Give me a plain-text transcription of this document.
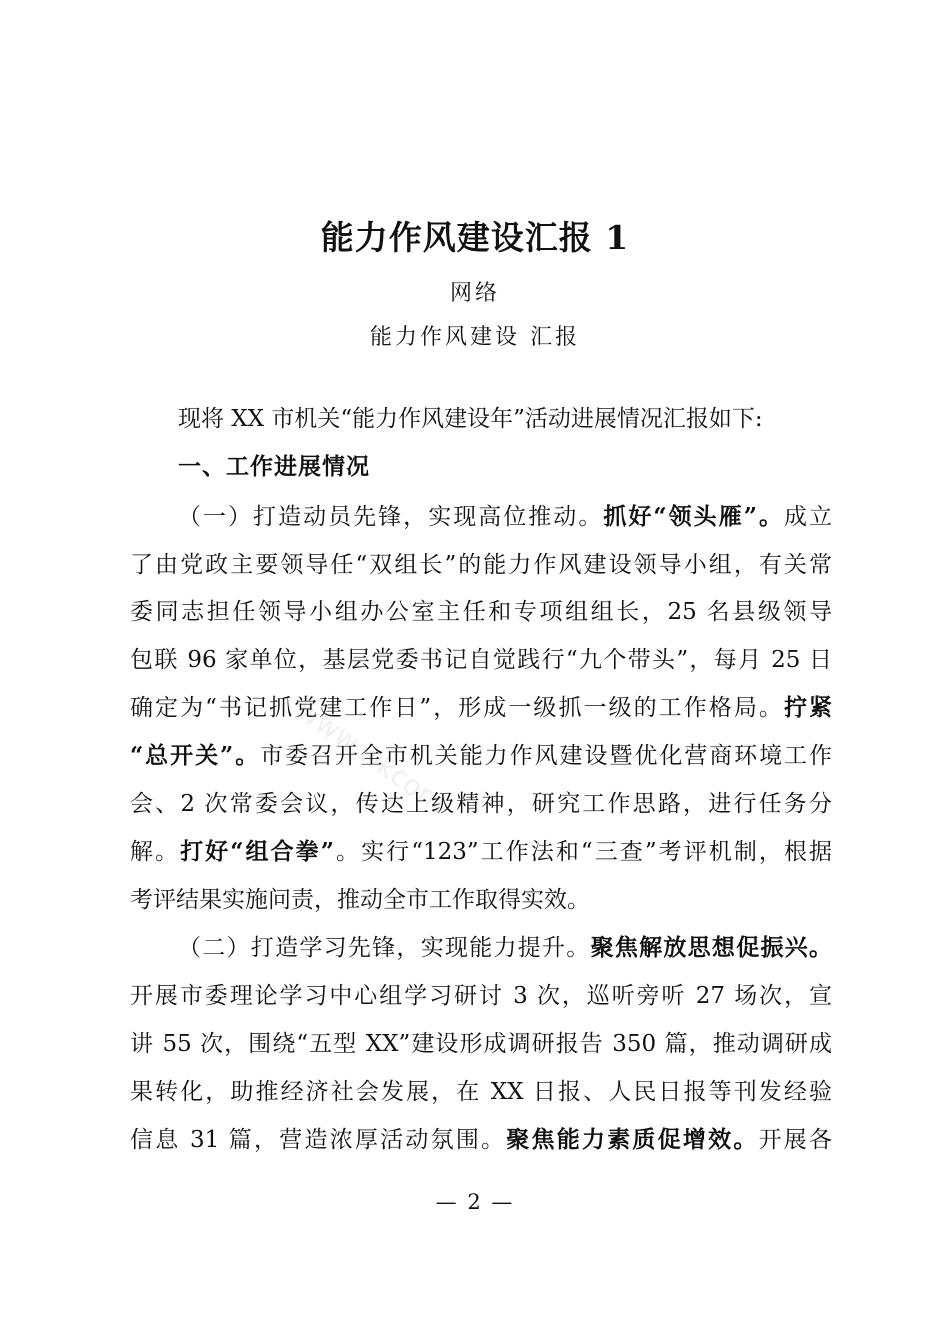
www.wkcom
能力作风建设汇报 1
网络
能力作风建设 汇报
现将 XX 市机关“能力作风建设年”活动进展情况汇报如下:
一、工作进展情况
（一）打造动员先锋，实现高位推动。抓好“领头雁”。成立
了由党政主要领导任“双组长”的能力作风建设领导小组，有关常
委同志担任领导小组办公室主任和专项组组长，25 名县级领导
包联 96 家单位，基层党委书记自觉践行“九个带头”，每月 25 日
确定为“书记抓党建工作日”，形成一级抓一级的工作格局。拧紧
“总开关”。市委召开全市机关能力作风建设暨优化营商环境工作
会、2 次常委会议，传达上级精神，研究工作思路，进行任务分
解。打好“组合拳”。实行“123”工作法和“三查”考评机制，根据
考评结果实施问责，推动全市工作取得实效。
（二）打造学习先锋，实现能力提升。聚焦解放思想促振兴。
开展市委理论学习中心组学习研讨 3 次，巡听旁听 27 场次，宣
讲 55 次，围绕“五型 XX”建设形成调研报告 350 篇，推动调研成
果转化，助推经济社会发展，在 XX 日报、人民日报等刊发经验
信息 31 篇，营造浓厚活动氛围。聚焦能力素质促增效。开展各
— 2 —
